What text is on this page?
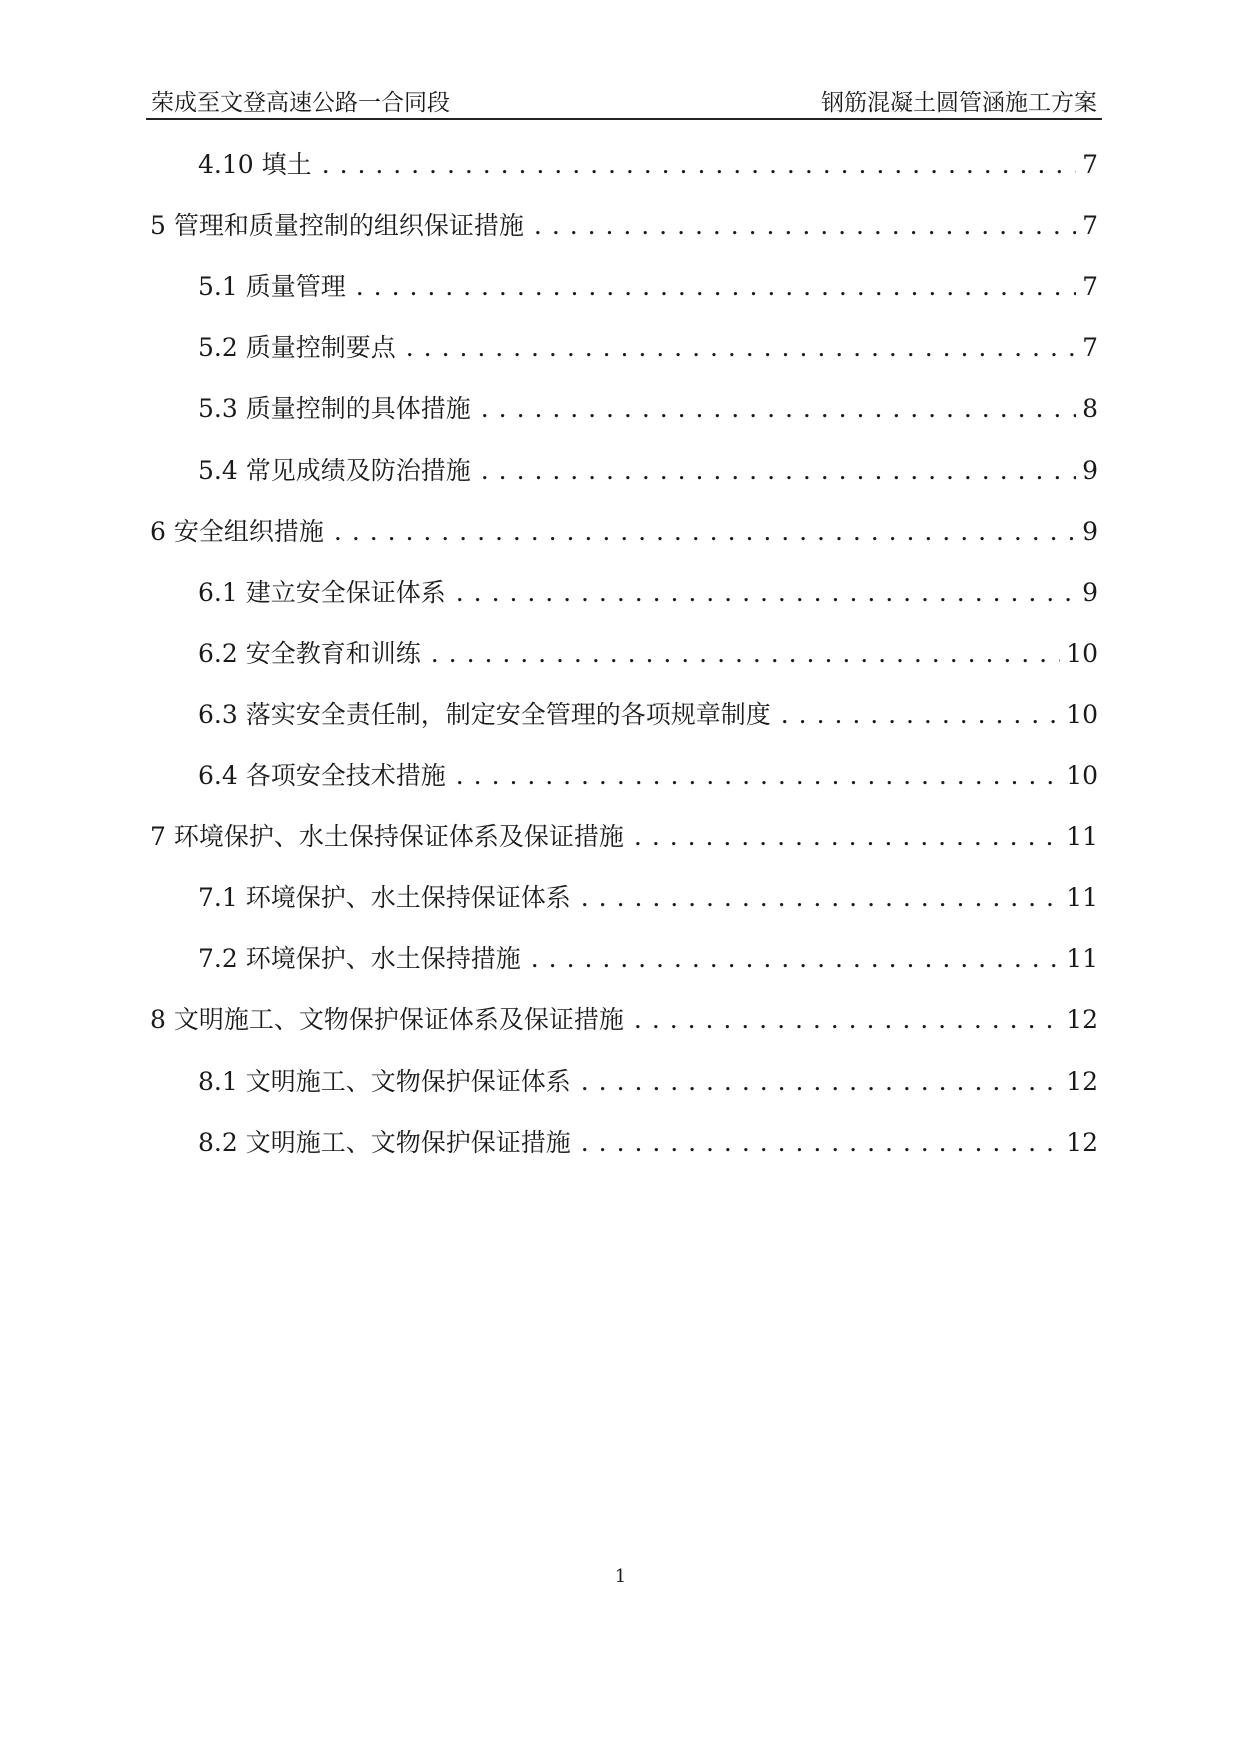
荣成至文登高速公路一合同段	钢筋混凝土圆管涵施工方案
4.10 填土 . . .	7
5 管理和质量控制的组织保证措施 . . .	7
5.1 质量管理 . . .	7
5.2 质量控制要点 . . .	7
5.3 质量控制的具体措施 . . .	8
5.4 常见成绩及防治措施 . . .	9
6 安全组织措施 . . .	9
6.1 建立安全保证体系 . . .	9
6.2 安全教育和训练 . . .	10
6.3 落实安全责任制，制定安全管理的各项规章制度 . . .	10
6.4 各项安全技术措施 . . .	10
7 环境保护、水土保持保证体系及保证措施 . . .	11
7.1 环境保护、水土保持保证体系 . . .	11
7.2 环境保护、水土保持措施 . . .	11
8 文明施工、文物保护保证体系及保证措施 . . .	12
8.1 文明施工、文物保护保证体系 . . .	12
8.2 文明施工、文物保护保证措施 . . .	12
1
